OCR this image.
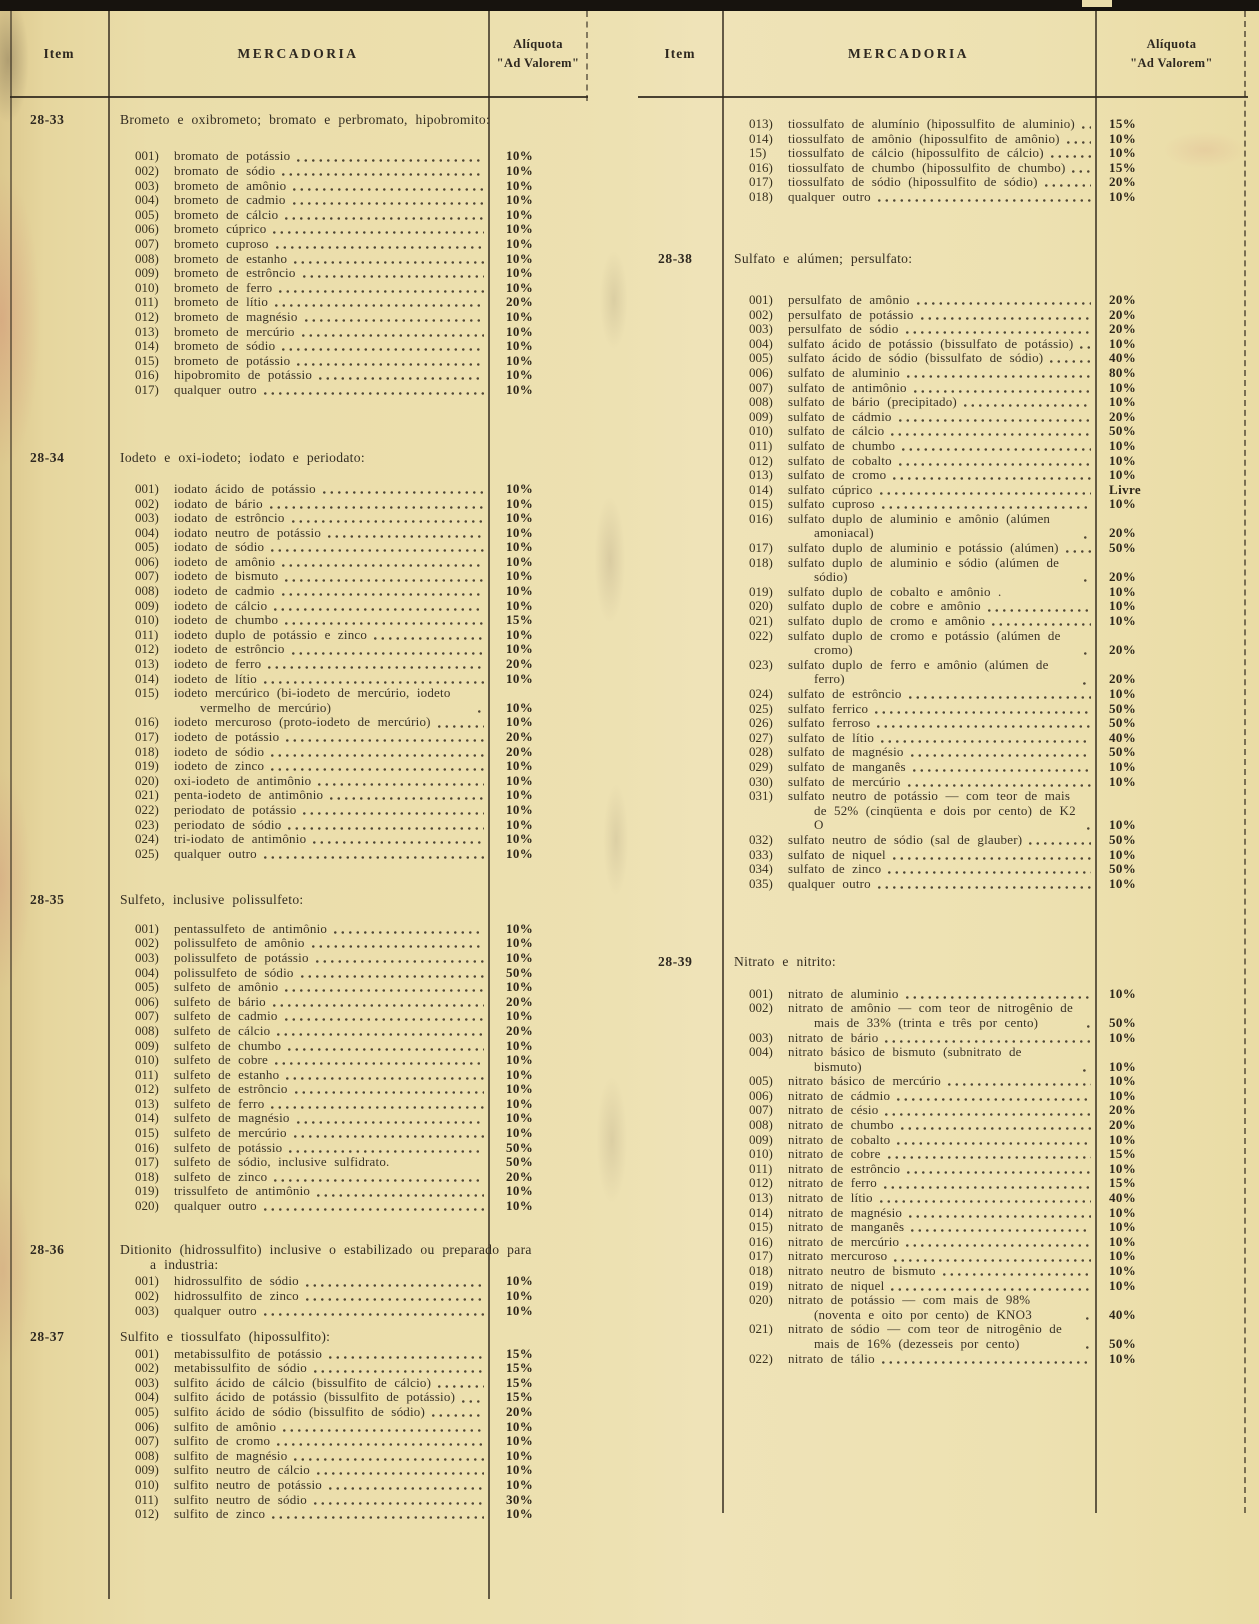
Item	MERCADORIA
Alíquota
"Ad Valorem"
28-33	Brometo e oxibrometo; bromato e perbromato, hipobromito:
001)	bromato de potássio	10%
002)	bromato de sódio	10%
003)	brometo de amônio	10%
004)	brometo de cadmio	10%
005)	brometo de cálcio	10%
006)	brometo cúprico	10%
007)	brometo cuproso	10%
008)	brometo de estanho	10%
009)	brometo de estrôncio	10%
010)	brometo de ferro	10%
011)	brometo de lítio	20%
012)	brometo de magnésio	10%
013)	brometo de mercúrio	10%
014)	brometo de sódio	10%
015)	brometo de potássio	10%
016)	hipobromito de potássio	10%
017)	qualquer outro	10%
28-34	Iodeto e oxi-iodeto; iodato e periodato:
001)	iodato ácido de potássio	10%
002)	iodato de bário	10%
003)	iodato de estrôncio	10%
004)	iodato neutro de potássio	10%
005)	iodato de sódio	10%
006)	iodeto de amônio	10%
007)	iodeto de bismuto	10%
008)	iodeto de cadmio	10%
009)	iodeto de cálcio	10%
010)	iodeto de chumbo	15%
011)	iodeto duplo de potássio e zinco	10%
012)	iodeto de estrôncio	10%
013)	iodeto de ferro	20%
014)	iodeto de lítio	10%
015)	iodeto mercúrico (bi-iodeto de mercúrio, iodeto vermelho de mercúrio)	10%
016)	iodeto mercuroso (proto-iodeto de mercúrio)	10%
017)	iodeto de potássio	20%
018)	iodeto de sódio	20%
019)	iodeto de zinco	10%
020)	oxi-iodeto de antimônio	10%
021)	penta-iodeto de antimônio	10%
022)	periodato de potássio	10%
023)	periodato de sódio	10%
024)	tri-iodato de antimônio	10%
025)	qualquer outro	10%
28-35	Sulfeto, inclusive polissulfeto:
001)	pentassulfeto de antimônio	10%
002)	polissulfeto de amônio	10%
003)	polissulfeto de potássio	10%
004)	polissulfeto de sódio	50%
005)	sulfeto de amônio	10%
006)	sulfeto de bário	20%
007)	sulfeto de cadmio	10%
008)	sulfeto de cálcio	20%
009)	sulfeto de chumbo	10%
010)	sulfeto de cobre	10%
011)	sulfeto de estanho	10%
012)	sulfeto de estrôncio	10%
013)	sulfeto de ferro	10%
014)	sulfeto de magnésio	10%
015)	sulfeto de mercúrio	10%
016)	sulfeto de potássio	50%
017)	sulfeto de sódio, inclusive sulfidrato.	50%
018)	sulfeto de zinco	20%
019)	trissulfeto de antimônio	10%
020)	qualquer outro	10%
28-36	Ditionito (hidrossulfito) inclusive o estabilizado ou preparado para a industria:
001)	hidrossulfito de sódio	10%
002)	hidrossulfito de zinco	10%
003)	qualquer outro	10%
28-37	Sulfito e tiossulfato (hipossulfito):
001)	metabissulfito de potássio	15%
002)	metabissulfito de sódio	15%
003)	sulfito ácido de cálcio (bissulfito de cálcio)	15%
004)	sulfito ácido de potássio (bissulfito de potássio)	15%
005)	sulfito ácido de sódio (bissulfito de sódio)	20%
006)	sulfito de amônio	10%
007)	sulfito de cromo	10%
008)	sulfito de magnésio	10%
009)	sulfito neutro de cálcio	10%
010)	sulfito neutro de potássio	10%
011)	sulfito neutro de sódio	30%
012)	sulfito de zinco	10%
Item	MERCADORIA
Alíquota
"Ad Valorem"
013)	tiossulfato de alumínio (hipossulfito de aluminio)	15%
014)	tiossulfato de amônio (hipossulfito de amônio)	10%
15)	tiossulfato de cálcio (hipossulfito de cálcio)	10%
016)	tiossulfato de chumbo (hipossulfito de chumbo)	15%
017)	tiossulfato de sódio (hipossulfito de sódio)	20%
018)	qualquer outro	10%
28-38	Sulfato e alúmen; persulfato:
001)	persulfato de amônio	20%
002)	persulfato de potássio	20%
003)	persulfato de sódio	20%
004)	sulfato ácido de potássio (bissulfato de potássio)	10%
005)	sulfato ácido de sódio (bissulfato de sódio)	40%
006)	sulfato de aluminio	80%
007)	sulfato de antimônio	10%
008)	sulfato de bário (precipitado)	10%
009)	sulfato de cádmio	20%
010)	sulfato de cálcio	50%
011)	sulfato de chumbo	10%
012)	sulfato de cobalto	10%
013)	sulfato de cromo	10%
014)	sulfato cúprico	Livre
015)	sulfato cuproso	10%
016)	sulfato duplo de aluminio e amônio (alúmen amoniacal)	20%
017)	sulfato duplo de aluminio e potássio (alúmen)	50%
018)	sulfato duplo de aluminio e sódio (alúmen de sódio)	20%
019)	sulfato duplo de cobalto e amônio .	10%
020)	sulfato duplo de cobre e amônio	10%
021)	sulfato duplo de cromo e amônio	10%
022)	sulfato duplo de cromo e potássio (alúmen de cromo)	20%
023)	sulfato duplo de ferro e amônio (alúmen de ferro)	20%
024)	sulfato de estrôncio	10%
025)	sulfato ferrico	50%
026)	sulfato ferroso	50%
027)	sulfato de lítio	40%
028)	sulfato de magnésio	50%
029)	sulfato de manganês	10%
030)	sulfato de mercúrio	10%
031)	sulfato neutro de potássio — com teor de mais de 52% (cinqüenta e dois por cento) de K2 O	10%
032)	sulfato neutro de sódio (sal de glauber)	50%
033)	sulfato de niquel	10%
034)	sulfato de zinco	50%
035)	qualquer outro	10%
28-39	Nitrato e nitrito:
001)	nitrato de aluminio	10%
002)	nitrato de amônio — com teor de nitrogênio de mais de 33% (trinta e três por cento)	50%
003)	nitrato de bário	10%
004)	nitrato básico de bismuto (subnitrato de bismuto)	10%
005)	nitrato básico de mercúrio	10%
006)	nitrato de cádmio	10%
007)	nitrato de césio	20%
008)	nitrato de chumbo	20%
009)	nitrato de cobalto	10%
010)	nitrato de cobre	15%
011)	nitrato de estrôncio	10%
012)	nitrato de ferro	15%
013)	nitrato de lítio	40%
014)	nitrato de magnésio	10%
015)	nitrato de manganês	10%
016)	nitrato de mercúrio	10%
017)	nitrato mercuroso	10%
018)	nitrato neutro de bismuto	10%
019)	nitrato de niquel	10%
020)	nitrato de potássio — com mais de 98% (noventa e oito por cento) de KNO3	40%
021)	nitrato de sódio — com teor de nitrogênio de mais de 16% (dezesseis por cento)	50%
022)	nitrato de tálio	10%
